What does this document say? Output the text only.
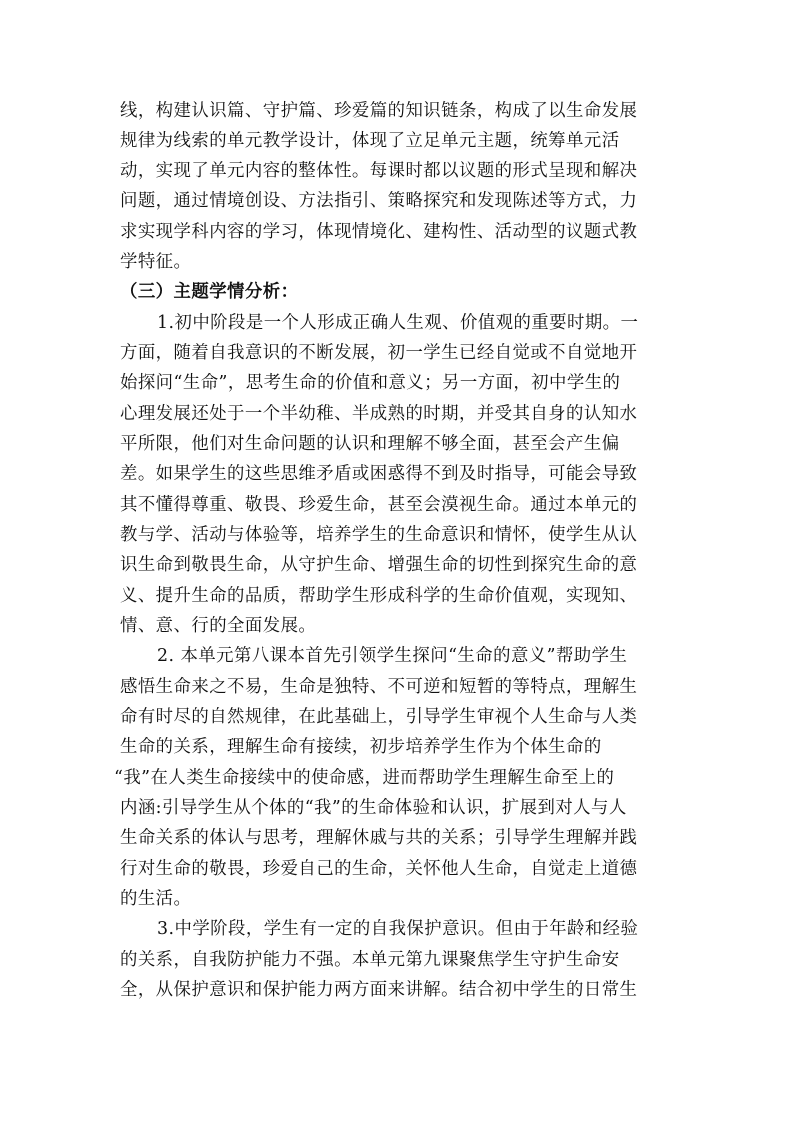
线，构建认识篇、守护篇、珍爱篇的知识链条，构成了以生命发展
规律为线索的单元教学设计，体现了立足单元主题，统筹单元活
动，实现了单元内容的整体性。每课时都以议题的形式呈现和解决
问题，通过情境创设、方法指引、策略探究和发现陈述等方式，力
求实现学科内容的学习，体现情境化、建构性、活动型的议题式教
学特征。
（三）主题学情分析：
1.初中阶段是一个人形成正确人生观、价值观的重要时期。一
方面，随着自我意识的不断发展，初一学生已经自觉或不自觉地开
始探问“生命”，思考生命的价值和意义；另一方面，初中学生的
心理发展还处于一个半幼稚、半成熟的时期，并受其自身的认知水
平所限，他们对生命问题的认识和理解不够全面，甚至会产生偏
差。如果学生的这些思维矛盾或困惑得不到及时指导，可能会导致
其不懂得尊重、敬畏、珍爱生命，甚至会漠视生命。通过本单元的
教与学、活动与体验等，培养学生的生命意识和情怀，使学生从认
识生命到敬畏生命，从守护生命、增强生命的切性到探究生命的意
义、提升生命的品质，帮助学生形成科学的生命价值观，实现知、
情、意、行的全面发展。
2. 本单元第八课本首先引领学生探问“生命的意义”帮助学生
感悟生命来之不易，生命是独特、不可逆和短暂的等特点，理解生
命有时尽的自然规律，在此基础上，引导学生审视个人生命与人类
生命的关系，理解生命有接续，初步培养学生作为个体生命的
“我”在人类生命接续中的使命感，进而帮助学生理解生命至上的
内涵:引导学生从个体的“我”的生命体验和认识，扩展到对人与人
生命关系的体认与思考，理解休戚与共的关系；引导学生理解并践
行对生命的敬畏，珍爱自己的生命，关怀他人生命，自觉走上道德
的生活。
3.中学阶段，学生有一定的自我保护意识。但由于年龄和经验
的关系，自我防护能力不强。本单元第九课聚焦学生守护生命安
全，从保护意识和保护能力两方面来讲解。结合初中学生的日常生
